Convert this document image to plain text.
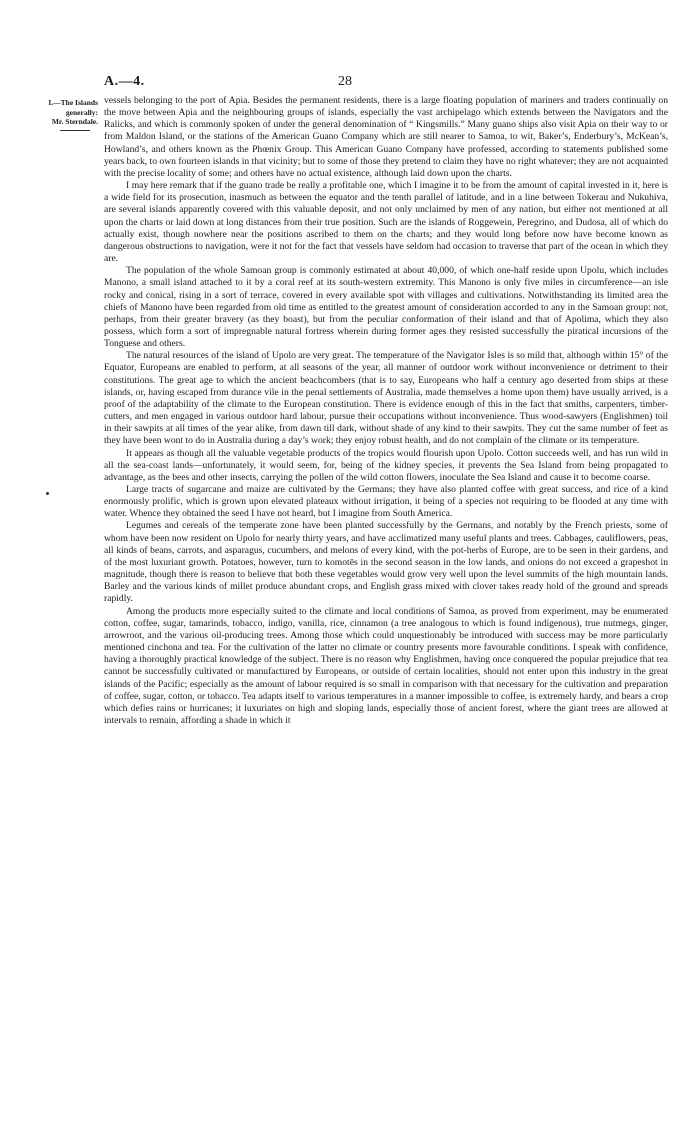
A.—4.	28
I.—The Islands
generally:
Mr. Sterndale.

vessels belonging to the port of Apia. Besides the permanent residents, there is a large floating population of mariners and traders continually on the move between Apia and the neighbouring groups of islands, especially the vast archipelago which extends between the Navigators and the Ralicks, and which is commonly spoken of under the general denomination of “ Kingsmills.” Many guano ships also visit Apia on their way to or from Maldon Island, or the stations of the American Guano Company which are still nearer to Samoa, to wit, Baker’s, Enderbury’s, McKean’s, Howland’s, and others known as the Phœnix Group. This American Guano Company have professed, according to statements published some years back, to own fourteen islands in that vicinity; but to some of those they pretend to claim they have no right whatever; they are not acquainted with the precise locality of some; and others have no actual existence, although laid down upon the charts.

I may here remark that if the guano trade be really a profitable one, which I imagine it to be from the amount of capital invested in it, here is a wide field for its prosecution, inasmuch as between the equator and the tenth parallel of latitude, and in a line between Tokerau and Nukuhiva, are several islands apparently covered with this valuable deposit, and not only unclaimed by men of any nation, but either not mentioned at all upon the charts or laid down at long distances from their true position. Such are the islands of Roggewein, Peregrino, and Dudosa, all of which do actually exist, though nowhere near the positions ascribed to them on the charts; and they would long before now have become known as dangerous obstructions to navigation, were it not for the fact that vessels have seldom had occasion to traverse that part of the ocean in which they are.

The population of the whole Samoan group is commonly estimated at about 40,000, of which one-half reside upon Upolu, which includes Manono, a small island attached to it by a coral reef at its south-western extremity. This Manono is only five miles in circumference—an isle rocky and conical, rising in a sort of terrace, covered in every available spot with villages and cultivations. Notwithstanding its limited area the chiefs of Manono have been regarded from old time as entitled to the greatest amount of consideration accorded to any in the Samoan group: not, perhaps, from their greater bravery (as they boast), but from the peculiar conformation of their island and that of Apolima, which they also possess, which form a sort of impregnable natural fortress wherein during former ages they resisted successfully the piratical incursions of the Tonguese and others.

The natural resources of the island of Upolo are very great. The temperature of the Navigator Isles is so mild that, although within 15° of the Equator, Europeans are enabled to perform, at all seasons of the year, all manner of outdoor work without inconvenience or detriment to their constitutions. The great age to which the ancient beachcombers (that is to say, Europeans who half a century ago deserted from ships at these islands, or, having escaped from durance vile in the penal settlements of Australia, made themselves a home upon them) have usually arrived, is a proof of the adaptability of the climate to the European constitution. There is evidence enough of this in the fact that smiths, carpenters, timber-cutters, and men engaged in various outdoor hard labour, pursue their occupations without inconvenience. Thus wood-sawyers (Englishmen) toil in their sawpits at all times of the year alike, from dawn till dark, without shade of any kind to their sawpits. They cut the same number of feet as they have been wont to do in Australia during a day’s work; they enjoy robust health, and do not complain of the climate or its temperature.

It appears as though all the valuable vegetable products of the tropics would flourish upon Upolo. Cotton succeeds well, and has run wild in all the sea-coast lands—unfortunately, it would seem, for, being of the kidney species, it prevents the Sea Island from being propagated to advantage, as the bees and other insects, carrying the pollen of the wild cotton flowers, inoculate the Sea Island and cause it to become coarse.

Large tracts of sugarcane and maize are cultivated by the Germans; they have also planted coffee with great success, and rice of a kind enormously prolific, which is grown upon elevated plateaux without irrigation, it being of a species not requiring to be flooded at any time with water. Whence they obtained the seed I have not heard, but I imagine from South America.

Legumes and cereals of the temperate zone have been planted successfully by the Germans, and notably by the French priests, some of whom have been now resident on Upolo for nearly thirty years, and have acclimatized many useful plants and trees. Cabbages, cauliflowers, peas, all kinds of beans, carrots, and asparagus, cucumbers, and melons of every kind, with the pot-herbs of Europe, are to be seen in their gardens, and of the most luxuriant growth. Potatoes, however, turn to komotēs in the second season in the low lands, and onions do not exceed a grapeshot in magnitude, though there is reason to believe that both these vegetables would grow very well upon the level summits of the high mountain lands. Barley and the various kinds of millet produce abundant crops, and English grass mixed with clover takes ready hold of the ground and spreads rapidly.

Among the products more especially suited to the climate and local conditions of Samoa, as proved from experiment, may be enumerated cotton, coffee, sugar, tamarinds, tobacco, indigo, vanilla, rice, cinnamon (a tree analogous to which is found indigenous), true nutmegs, ginger, arrowroot, and the various oil-producing trees. Among those which could unquestionably be introduced with success may be more particularly mentioned cinchona and tea. For the cultivation of the latter no climate or country presents more favourable conditions. I speak with confidence, having a thoroughly practical knowledge of the subject. There is no reason why Englishmen, having once conquered the popular prejudice that tea cannot be successfully cultivated or manufactured by Europeans, or outside of certain localities, should not enter upon this industry in the great islands of the Pacific; especially as the amount of labour required is so small in comparison with that necessary for the cultivation and preparation of coffee, sugar, cotton, or tobacco. Tea adapts itself to various temperatures in a manner impossible to coffee, is extremely hardy, and bears a crop which defies rains or hurricanes; it luxuriates on high and sloping lands, especially those of ancient forest, where the giant trees are allowed at intervals to remain, affording a shade in which it
